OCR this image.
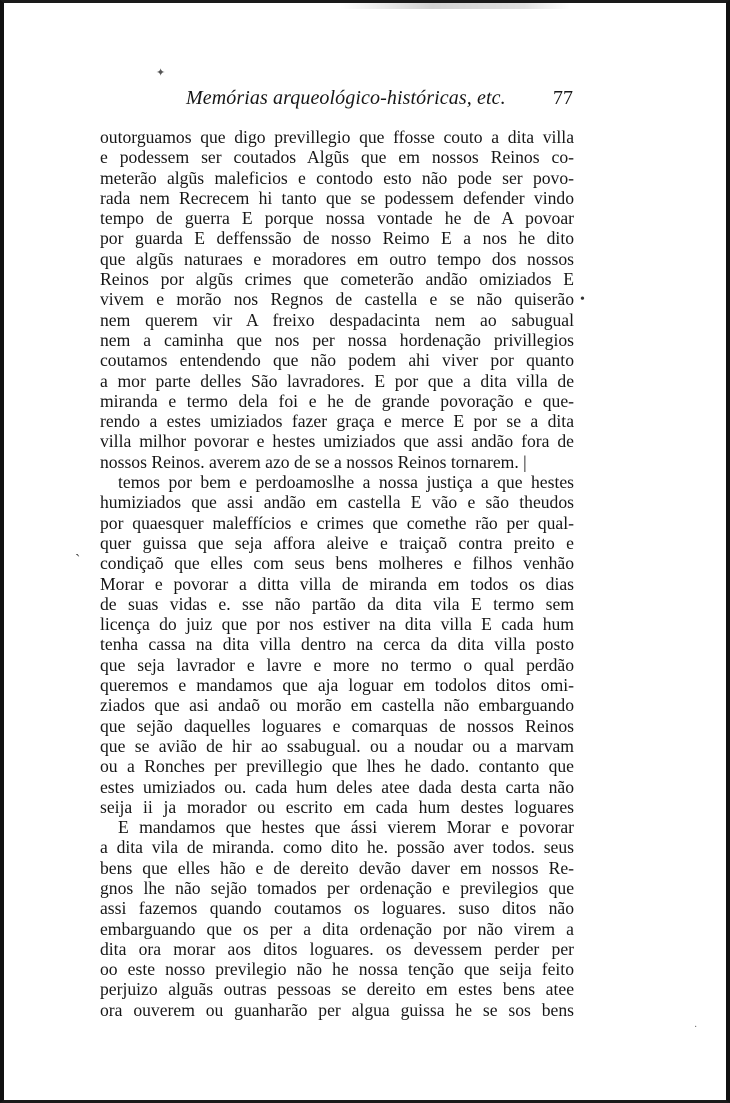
✦
•
ˏ
·
Memórias arqueológico-históricas, etc. 77
outorguamos que digo previllegio que ffosse couto a dita villa
e podessem ser coutados Algũs que em nossos Reinos co-
meterão algũs maleficios e contodo esto não pode ser povo-
rada nem Recrecem hi tanto que se podessem defender vindo
tempo de guerra E porque nossa vontade he de A povoar
por guarda E deffenssão de nosso Reimo E a nos he dito
que algũs naturaes e moradores em outro tempo dos nossos
Reinos por algũs crimes que cometerão andão omiziados E
vivem e morão nos Regnos de castella e se não quiserão
nem querem vir A freixo despadacinta nem ao sabugual
nem a caminha que nos per nossa hordenação privillegios
coutamos entendendo que não podem ahi viver por quanto
a mor parte delles São lavradores. E por que a dita villa de
miranda e termo dela foi e he de grande povoração e que-
rendo a estes umiziados fazer graça e merce E por se a dita
villa milhor povorar e hestes umiziados que assi andão fora de
nossos Reinos. averem azo de se a nossos Reinos tornarem. |
temos por bem e perdoamoslhe a nossa justiça a que hestes
humiziados que assi andão em castella E vão e são theudos
por quaesquer maleffícios e crimes que comethe rão per qual-
quer guissa que seja affora aleive e traiçaõ contra preito e
condiçaõ que elles com seus bens molheres e filhos venhão
Morar e povorar a ditta villa de miranda em todos os dias
de suas vidas e. sse não partão da dita vila E termo sem
licença do juiz que por nos estiver na dita villa E cada hum
tenha cassa na dita villa dentro na cerca da dita villa posto
que seja lavrador e lavre e more no termo o qual perdão
queremos e mandamos que aja loguar em todolos ditos omi-
ziados que asi andaõ ou morão em castella não embarguando
que sejão daquelles loguares e comarquas de nossos Reinos
que se avião de hir ao ssabugual. ou a noudar ou a marvam
ou a Ronches per previllegio que lhes he dado. contanto que
estes umiziados ou. cada hum deles atee dada desta carta não
seija ii ja morador ou escrito em cada hum destes loguares
E mandamos que hestes que ássi vierem Morar e povorar
a dita vila de miranda. como dito he. possão aver todos. seus
bens que elles hão e de dereito devão daver em nossos Re-
gnos lhe não sejão tomados per ordenação e previlegios que
assi fazemos quando coutamos os loguares. suso ditos não
embarguando que os per a dita ordenação por não virem a
dita ora morar aos ditos loguares. os devessem perder per
oo este nosso previlegio não he nossa tenção que seija feito
perjuizo alguãs outras pessoas se dereito em estes bens atee
ora ouverem ou guanharão per algua guissa he se sos bens
